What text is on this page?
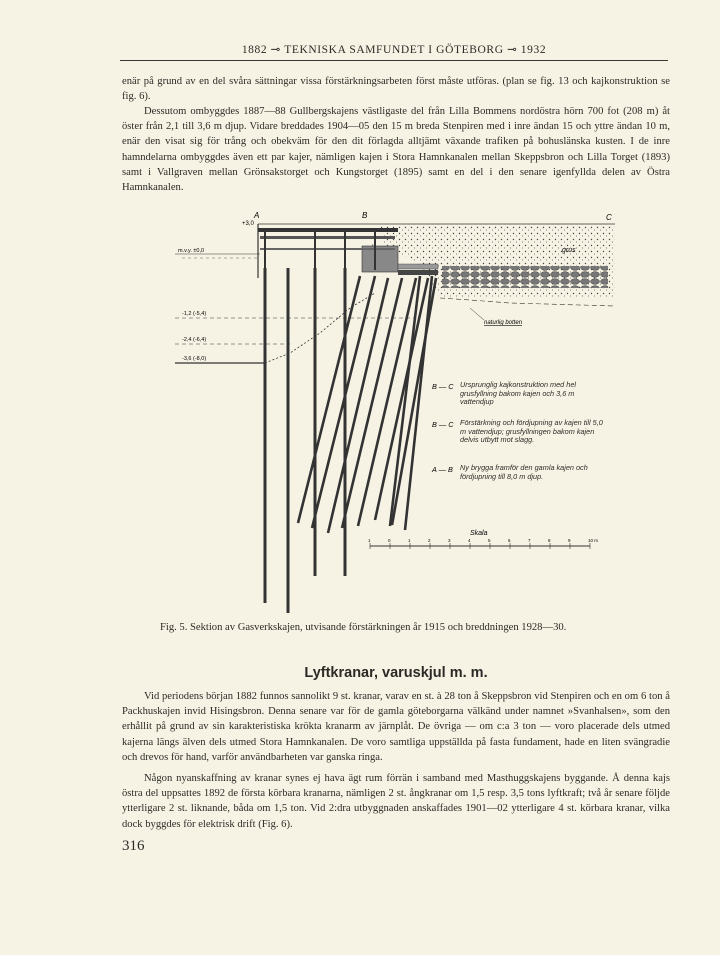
1882 ⊸ TEKNISKA SAMFUNDET I GÖTEBORG ⊸ 1932

enär på grund av en del svåra sättningar vissa förstärkningsarbeten först måste utföras. (plan se fig. 13 och kajkonstruktion se fig. 6).

Dessutom ombyggdes 1887—88 Gullbergskajens västligaste del från Lilla Bommens nordöstra hörn 700 fot (208 m) åt öster från 2,1 till 3,6 m djup. Vidare breddades 1904—05 den 15 m breda Stenpiren med i inre ändan 15 och yttre ändan 10 m, enär den visat sig för trång och obekväm för den dit förlagda alltjämt växande trafiken på bohuslänska kusten. I de inre hamndelarna ombyggdes även ett par kajer, nämligen kajen i Stora Hamnkanalen mellan Skeppsbron och Lilla Torget (1893) samt i Vallgraven mellan Grönsakstorget och Kungstorget (1895) samt en del i den senare igenfyllda delen av Östra Hamnkanalen.

A	B	C
+3,0
grus
m.v.y. ±0,0
-1,2 (-5,4)
-2,4 (-6,4)
-3,6 (-8,0)
naturlig botten
B — C Ursprunglig kajkonstruktion med hel grusfyllning bakom kajen och 3,6 m vattendjup
B — C Förstärkning och fördjupning av kajen till 5,0 m vattendjup; grusfyllningen bakom kajen delvis utbytt mot slagg.
A — B Ny brygga framför den gamla kajen och fördjupning till 8,0 m djup.
Skala
1	0	1	2	3	4	5	6	7	8	9	10 m
Fig. 5. Sektion av Gasverkskajen, utvisande förstärkningen år 1915 och breddningen 1928—30.
Lyftkranar, varuskjul m. m.

Vid periodens början 1882 funnos sannolikt 9 st. kranar, varav en st. à 28 ton å Skeppsbron vid Stenpiren och en om 6 ton å Packhuskajen invid Hisingsbron. Denna senare var för de gamla göteborgarna välkänd under namnet »Svanhalsen», som den erhållit på grund av sin karakteristiska krökta kranarm av järnplåt. De övriga — om c:a 3 ton — voro placerade dels utmed kajerna längs älven dels utmed Stora Hamnkanalen. De voro samtliga uppställda på fasta fundament, hade en liten svängradie och drevos för hand, varför användbarheten var ganska ringa.

Någon nyanskaffning av kranar synes ej hava ägt rum förrän i samband med Masthuggskajens byggande. Å denna kajs östra del uppsattes 1892 de första körbara kranarna, nämligen 2 st. ångkranar om 1,5 resp. 3,5 tons lyftkraft; två år senare följde ytterligare 2 st. liknande, båda om 1,5 ton. Vid 2:dra utbyggnaden anskaffades 1901—02 ytterligare 4 st. körbara kranar, vilka dock byggdes för elektrisk drift (Fig. 6).

316
